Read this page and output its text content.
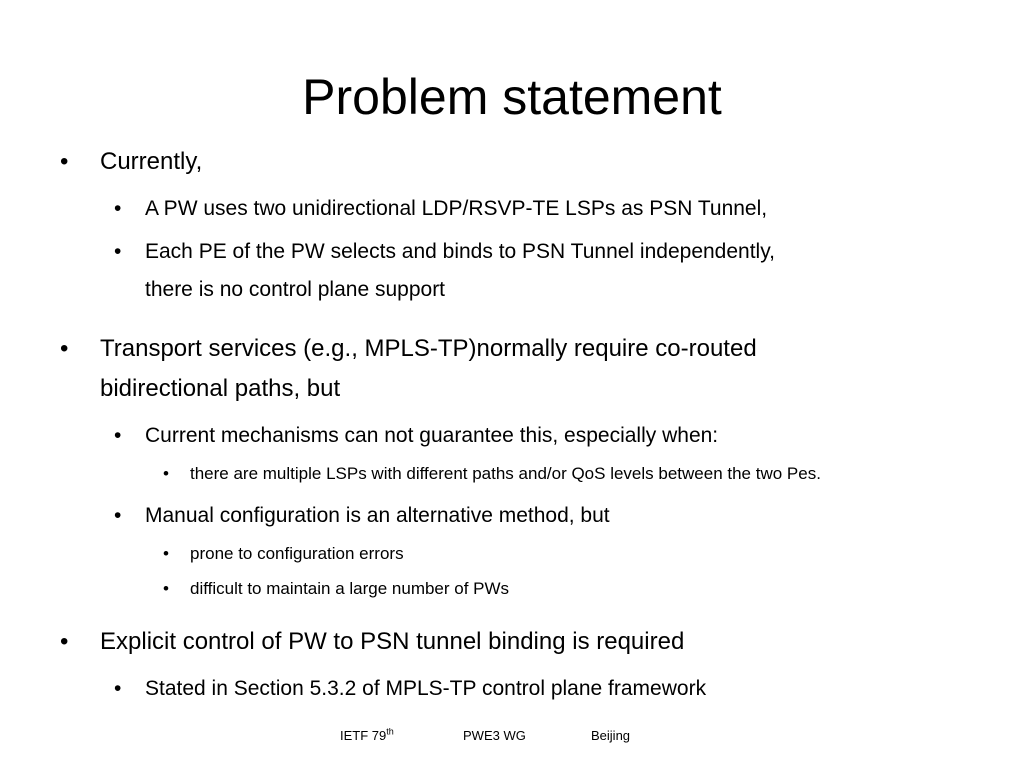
Problem statement
• Currently,
• A PW uses two unidirectional LDP/RSVP-TE LSPs as PSN Tunnel,
• Each PE of the PW selects and binds to PSN Tunnel independently,
there is no control plane support
• Transport services (e.g., MPLS-TP)normally require co-routed
bidirectional paths, but
• Current mechanisms can not guarantee this, especially when:
• there are multiple LSPs with different paths and/or QoS levels between the two Pes.
• Manual configuration is an alternative method, but
• prone to configuration errors
• difficult to maintain a large number of PWs
• Explicit control of PW to PSN tunnel binding is required
• Stated in Section 5.3.2 of MPLS-TP control plane framework
IETF 79th	PWE3 WG	Beijing
